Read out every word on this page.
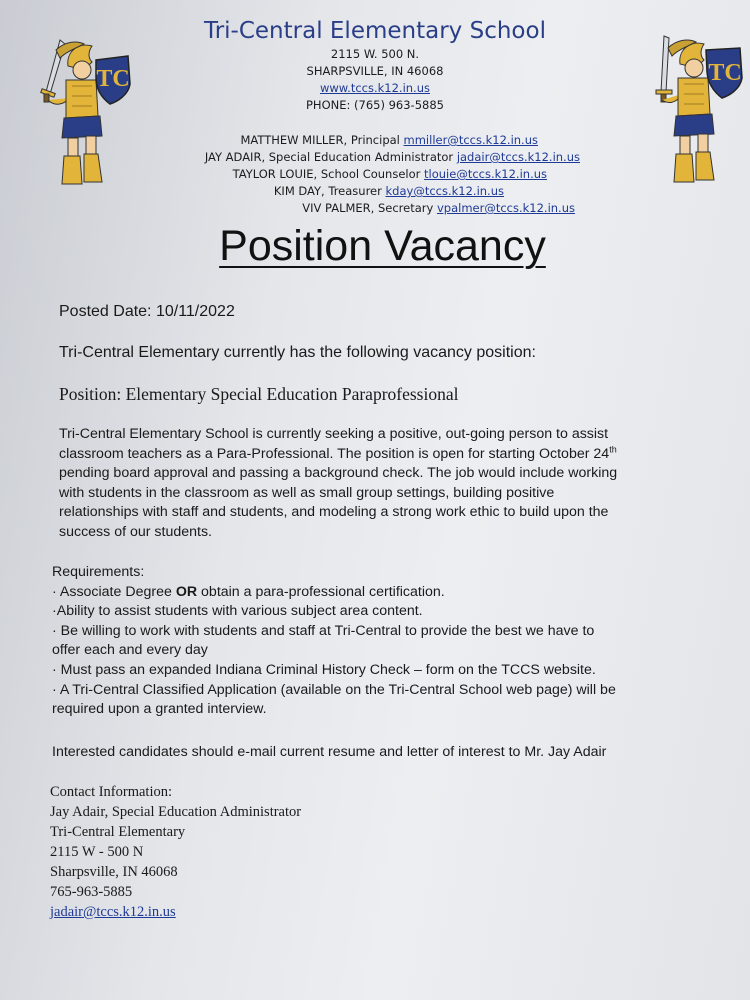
Tri-Central Elementary School
2115 W. 500 N.
SHARPSVILLE, IN 46068
www.tccs.k12.in.us
PHONE: (765) 963-5885
MATTHEW MILLER, Principal mmiller@tccs.k12.in.us
JAY ADAIR, Special Education Administrator jadair@tccs.k12.in.us
TAYLOR LOUIE, School Counselor tlouie@tccs.k12.in.us
KIM DAY, Treasurer kday@tccs.k12.in.us
VIV PALMER, Secretary vpalmer@tccs.k12.in.us
TC	TC
Position Vacancy
Posted Date: 10/11/2022
Tri-Central Elementary currently has the following vacancy position:
Position: Elementary Special Education Paraprofessional
Tri-Central Elementary School is currently seeking a positive, out-going person to assist
classroom teachers as a Para-Professional. The position is open for starting October 24th
pending board approval and passing a background check. The job would include working
with students in the classroom as well as small group settings, building positive
relationships with staff and students, and modeling a strong work ethic to build upon the
success of our students.
Requirements:
· Associate Degree OR obtain a para-professional certification.
·Ability to assist students with various subject area content.
· Be willing to work with students and staff at Tri-Central to provide the best we have to
offer each and every day
· Must pass an expanded Indiana Criminal History Check – form on the TCCS website.
· A Tri-Central Classified Application (available on the Tri-Central School web page) will be
required upon a granted interview.
Interested candidates should e-mail current resume and letter of interest to Mr. Jay Adair
Contact Information:
Jay Adair, Special Education Administrator
Tri-Central Elementary
2115 W - 500 N
Sharpsville, IN 46068
765-963-5885
jadair@tccs.k12.in.us
